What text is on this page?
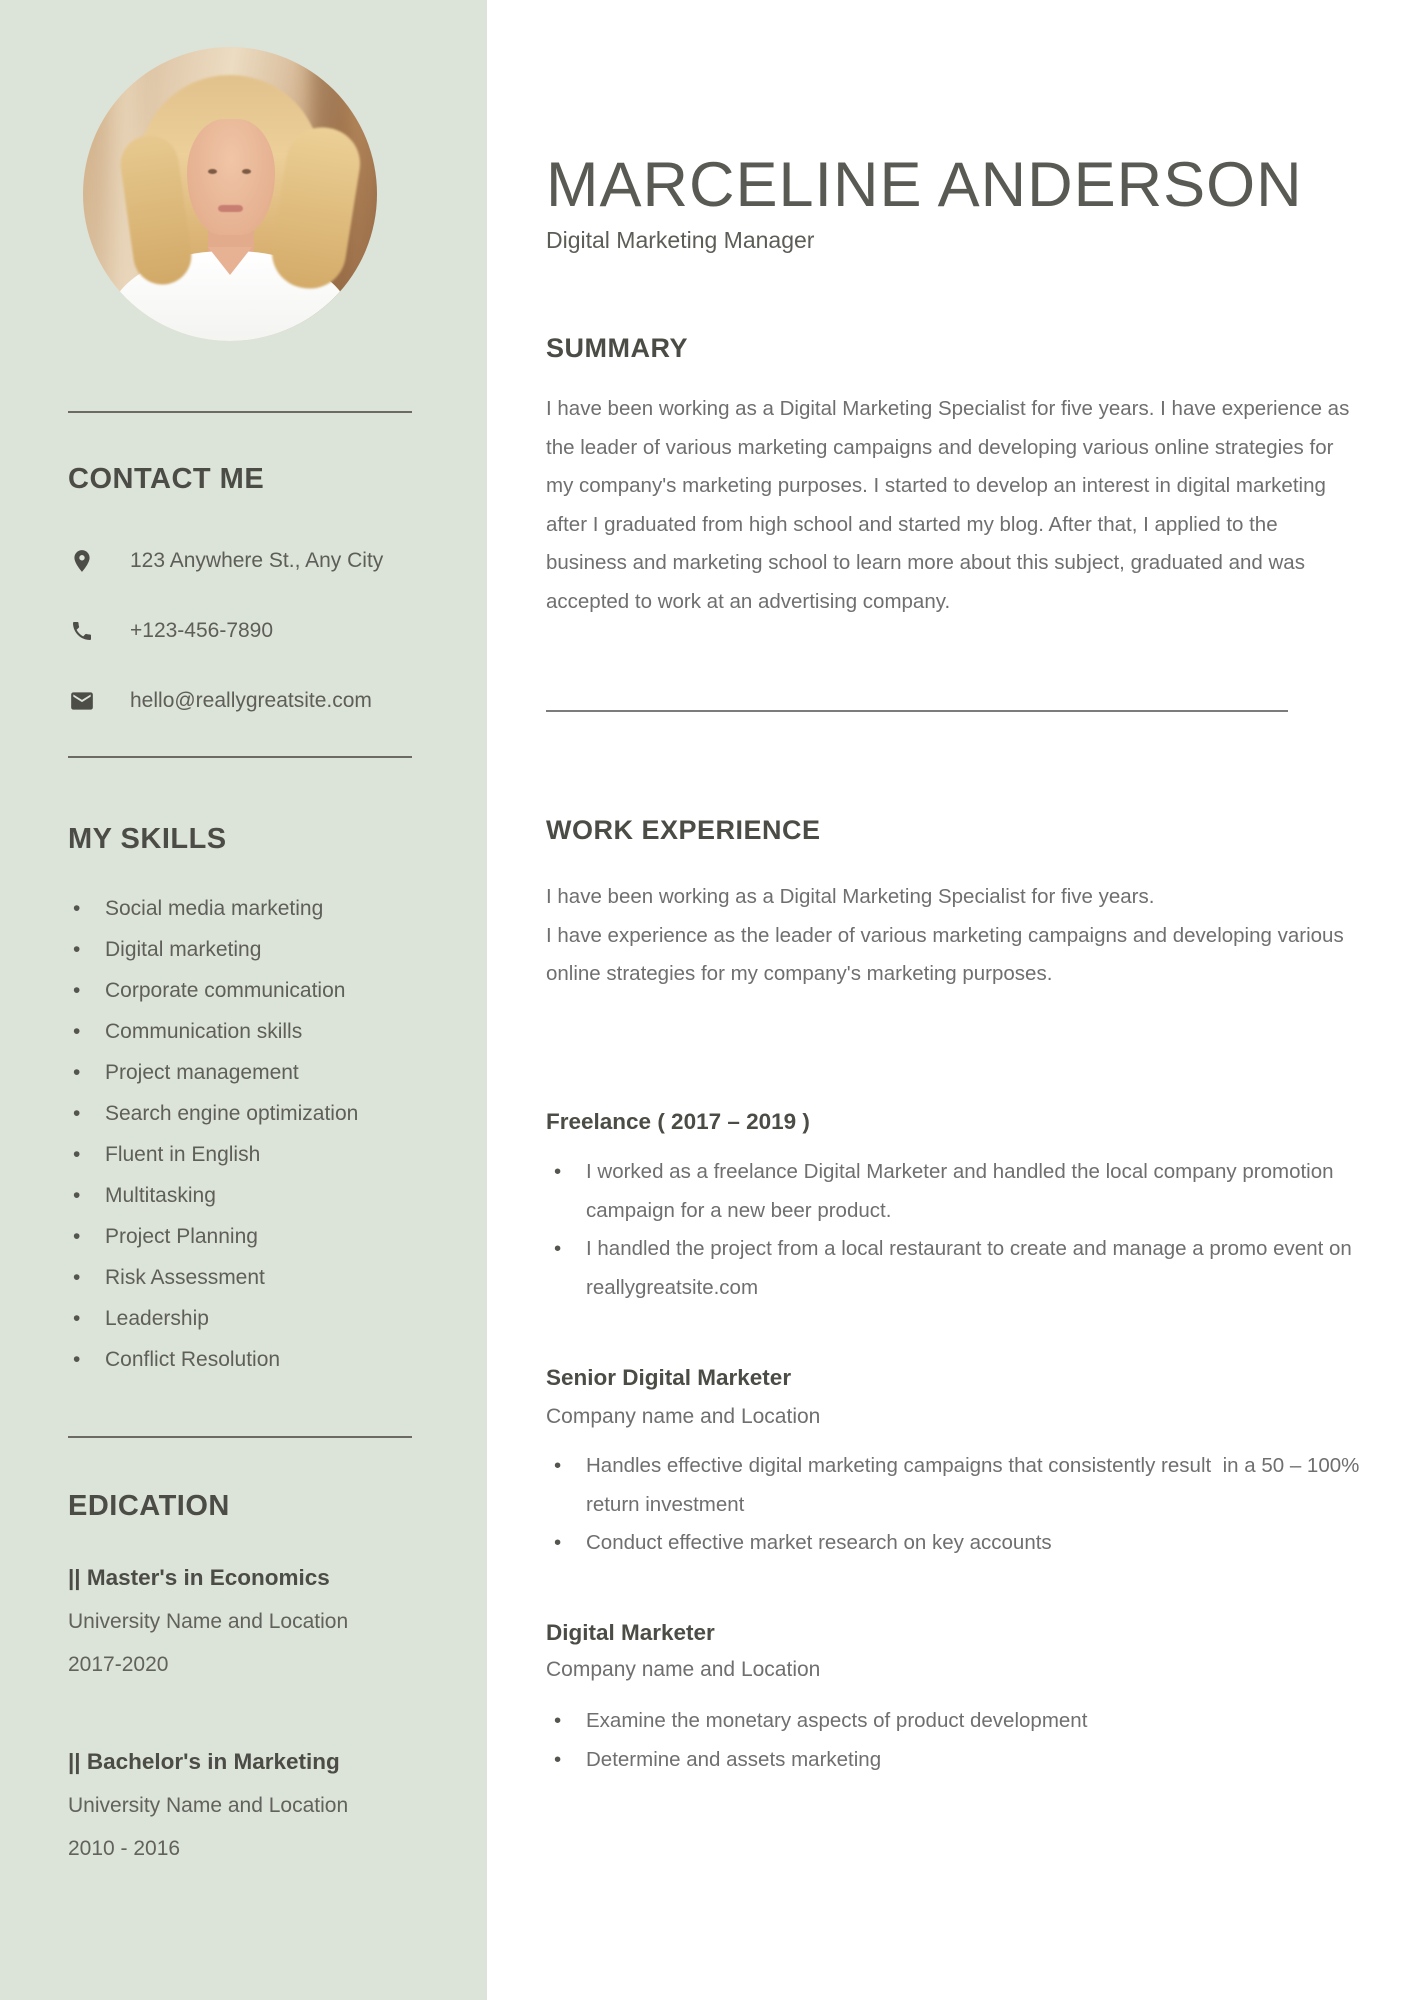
CONTACT ME
123 Anywhere St., Any City
+123-456-7890
hello@reallygreatsite.com
MY SKILLS
• Social media marketing
• Digital marketing
• Corporate communication
• Communication skills
• Project management
• Search engine optimization
• Fluent in English
• Multitasking
• Project Planning
• Risk Assessment
• Leadership
• Conflict Resolution
EDICATION
|| Master's in Economics
University Name and Location
2017-2020
|| Bachelor's in Marketing
University Name and Location
2010 - 2016
MARCELINE ANDERSON
Digital Marketing Manager
SUMMARY

I have been working as a Digital Marketing Specialist for five years. I have experience as the leader of various marketing campaigns and developing various online strategies for my company's marketing purposes. I started to develop an interest in digital marketing after I graduated from high school and started my blog. After that, I applied to the business and marketing school to learn more about this subject, graduated and was accepted to work at an advertising company.

WORK EXPERIENCE
I have been working as a Digital Marketing Specialist for five years.
I have experience as the leader of various marketing campaigns and developing various online strategies for my company's marketing purposes.
Freelance ( 2017 – 2019 )
• I worked as a freelance Digital Marketer and handled the local company promotion campaign for a new beer product.
• I handled the project from a local restaurant to create and manage a promo event on reallygreatsite.com
Senior Digital Marketer
Company name and Location
• Handles effective digital marketing campaigns that consistently result  in a 50 – 100% return investment
• Conduct effective market research on key accounts
Digital Marketer
Company name and Location
• Examine the monetary aspects of product development
• Determine and assets marketing
